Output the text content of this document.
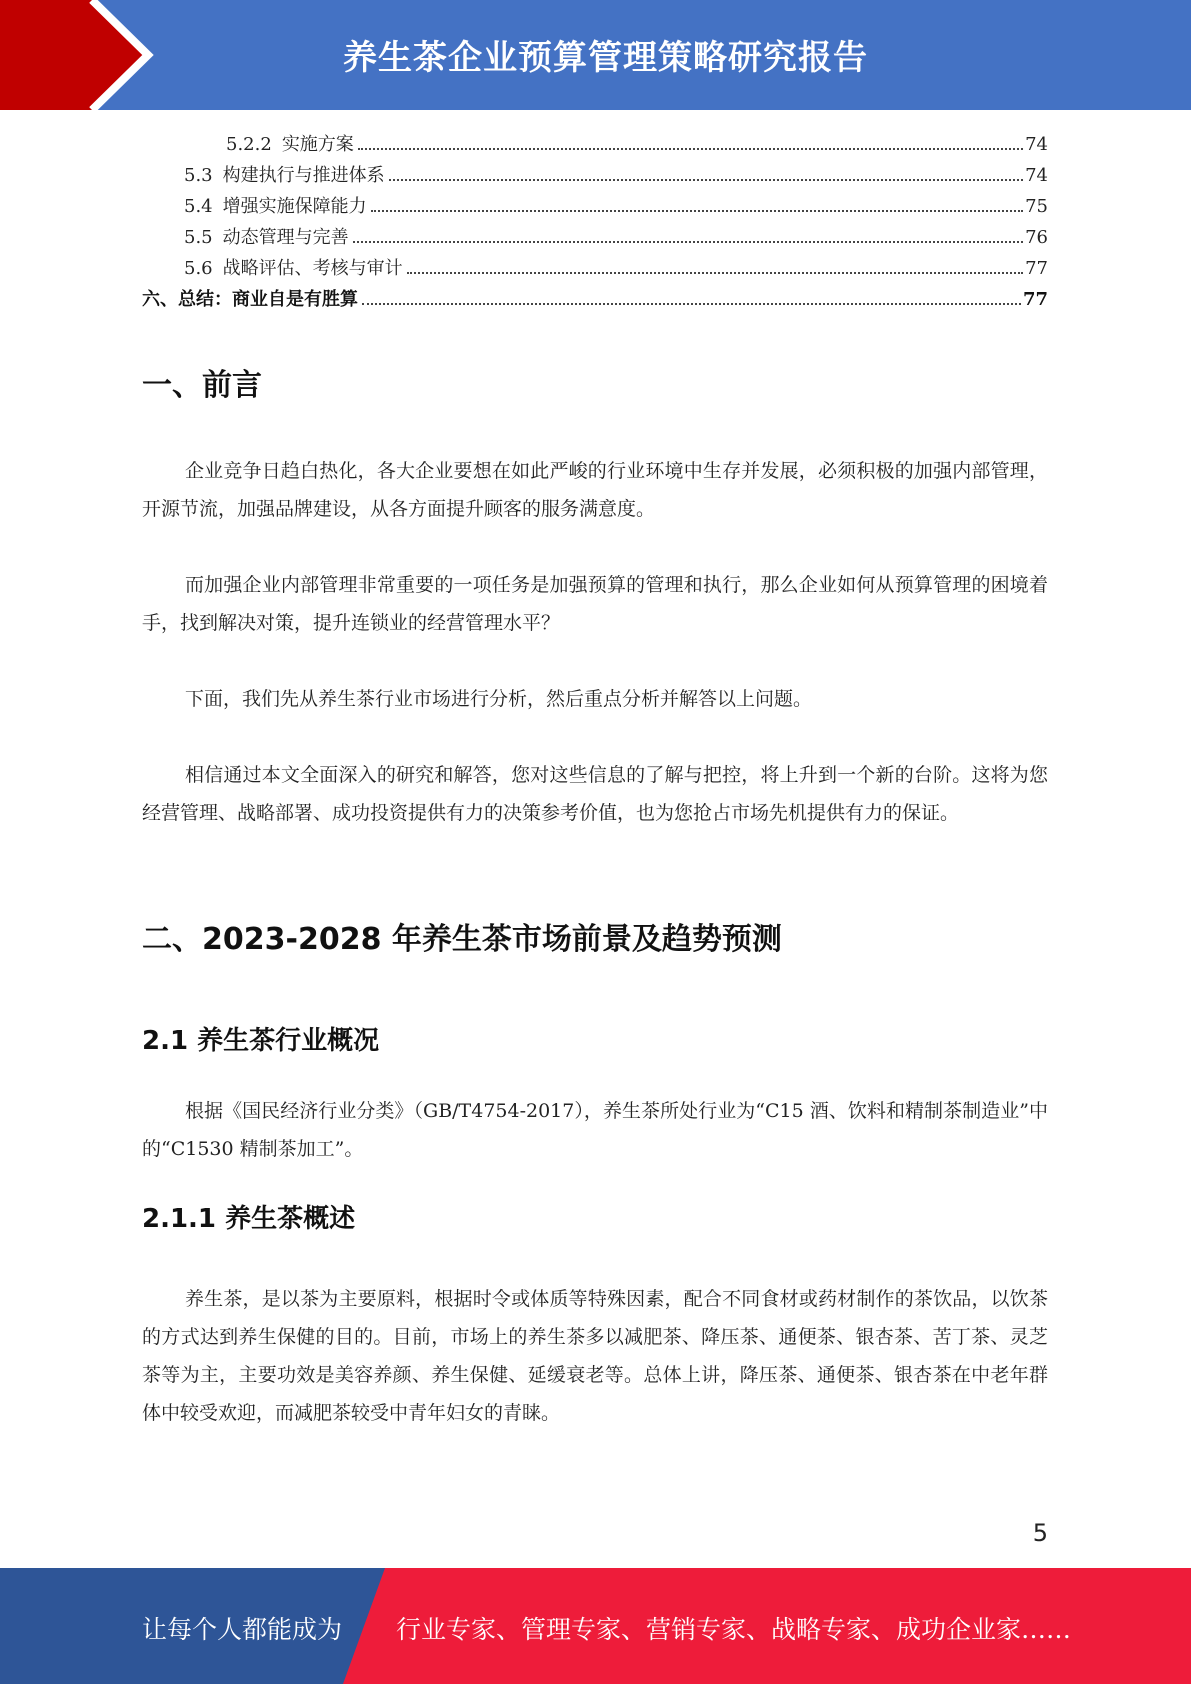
养生茶企业预算管理策略研究报告
5.2.2 实施方案	74
5.3 构建执行与推进体系	74
5.4 增强实施保障能力	75
5.5 动态管理与完善	76
5.6 战略评估、考核与审计	77
六、总结：商业自是有胜算	77
一、前言

企业竞争日趋白热化，各大企业要想在如此严峻的行业环境中生存并发展，必须积极的加强内部管理，开源节流，加强品牌建设，从各方面提升顾客的服务满意度。

而加强企业内部管理非常重要的一项任务是加强预算的管理和执行，那么企业如何从预算管理的困境着手，找到解决对策，提升连锁业的经营管理水平？

下面，我们先从养生茶行业市场进行分析，然后重点分析并解答以上问题。

相信通过本文全面深入的研究和解答，您对这些信息的了解与把控，将上升到一个新的台阶。这将为您经营管理、战略部署、成功投资提供有力的决策参考价值，也为您抢占市场先机提供有力的保证。

二、2023-2028 年养生茶市场前景及趋势预测
2.1 养生茶行业概况

根据《国民经济行业分类》（GB/T4754-2017），养生茶所处行业为“C15 酒、饮料和精制茶制造业”中的“C1530 精制茶加工”。

2.1.1 养生茶概述

养生茶，是以茶为主要原料，根据时令或体质等特殊因素，配合不同食材或药材制作的茶饮品，以饮茶的方式达到养生保健的目的。目前，市场上的养生茶多以减肥茶、降压茶、通便茶、银杏茶、苦丁茶、灵芝茶等为主，主要功效是美容养颜、养生保健、延缓衰老等。总体上讲，降压茶、通便茶、银杏茶在中老年群体中较受欢迎，而减肥茶较受中青年妇女的青睐。

5
让每个人都能成为 行业专家、管理专家、营销专家、战略专家、成功企业家……
